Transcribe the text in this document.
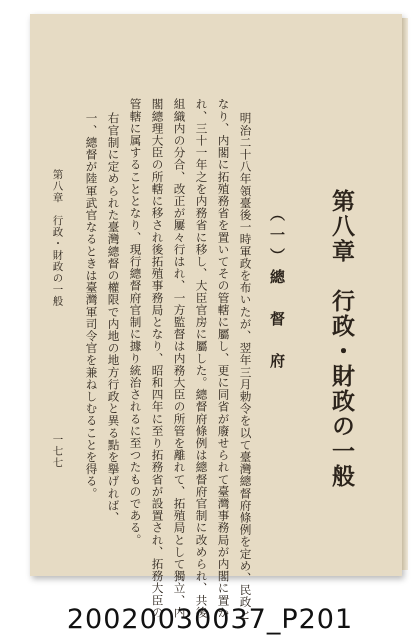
第八章　行政・財政の一般
（一）總　督　府
明治二十八年領臺後一時軍政を布いたが、翌年三月勅令を以て臺灣總督府條例を定め、民政と
なり、内閣に拓殖務省を置いてその管轄に屬し、更に同省が廢せられて臺灣事務局が内閣に置か
れ、三十一年之を内務省に移し、大臣官房に屬した。總督府條例は總督府官制に改められ、共後
組織内の分合、改正が屢々行はれ、一方監督は内務大臣の所管を離れて、拓殖局として獨立、内
閣總理大臣の所轄に移され後拓殖事務局となり、昭和四年に至り拓務省が設置され、拓務大臣の
管轄に属することとなり、現行總督府官制に據り統治されるに至つたものである。
右官制に定められた臺灣總督の權限で内地の地方行政と異る點を擧げれば、
一、總督が陸軍武官なるときは臺灣軍司令官を兼ねしむることを得る。
第八章　行政・財政の一般
一七七
20020030037_P201
